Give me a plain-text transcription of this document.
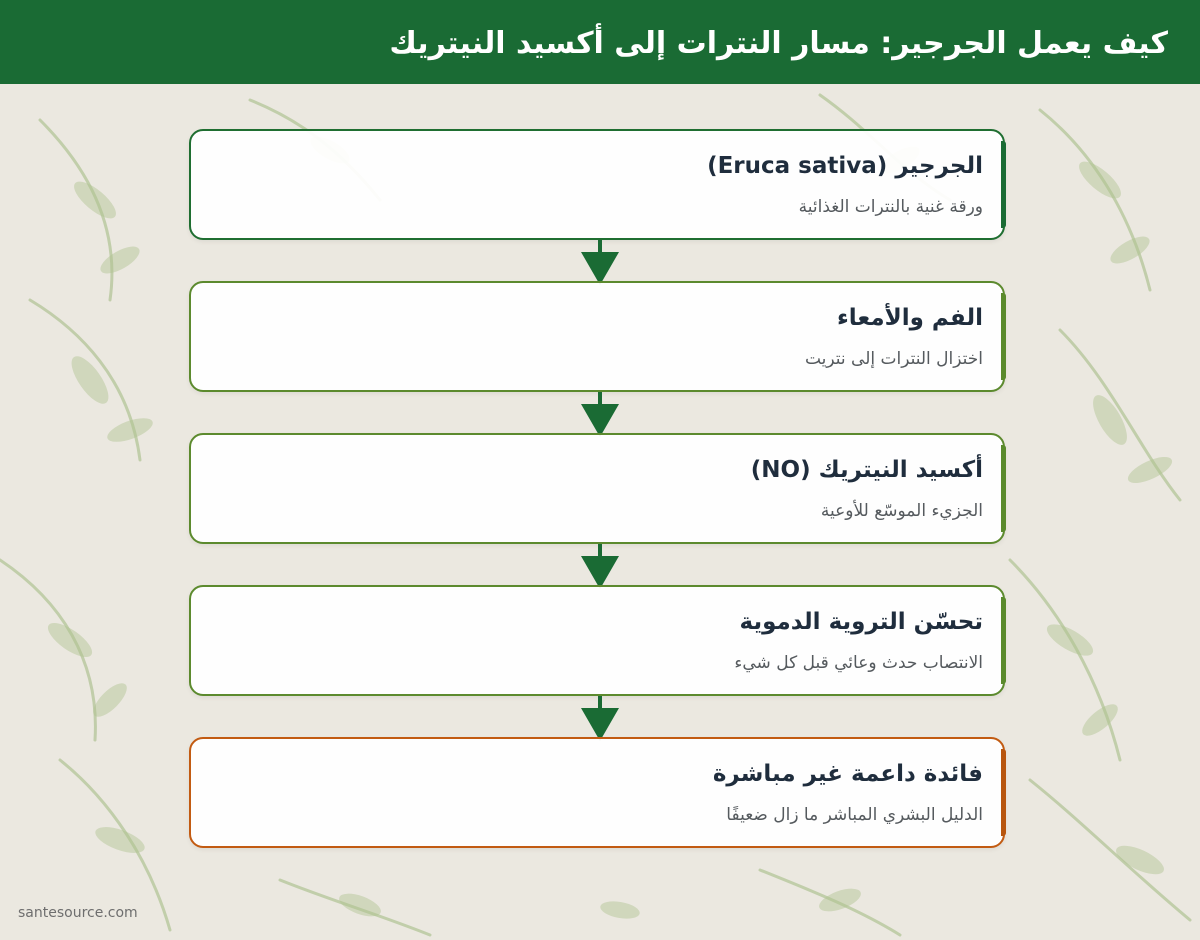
كيف يعمل الجرجير: مسار النترات إلى أكسيد النيتريك
الجرجير (Eruca sativa)
ورقة غنية بالنترات الغذائية
الفم والأمعاء
اختزال النترات إلى نتريت
أكسيد النيتريك (NO)
الجزيء الموسّع للأوعية
تحسّن التروية الدموية
الانتصاب حدث وعائي قبل كل شيء
فائدة داعمة غير مباشرة
الدليل البشري المباشر ما زال ضعيفًا
santesource.com
